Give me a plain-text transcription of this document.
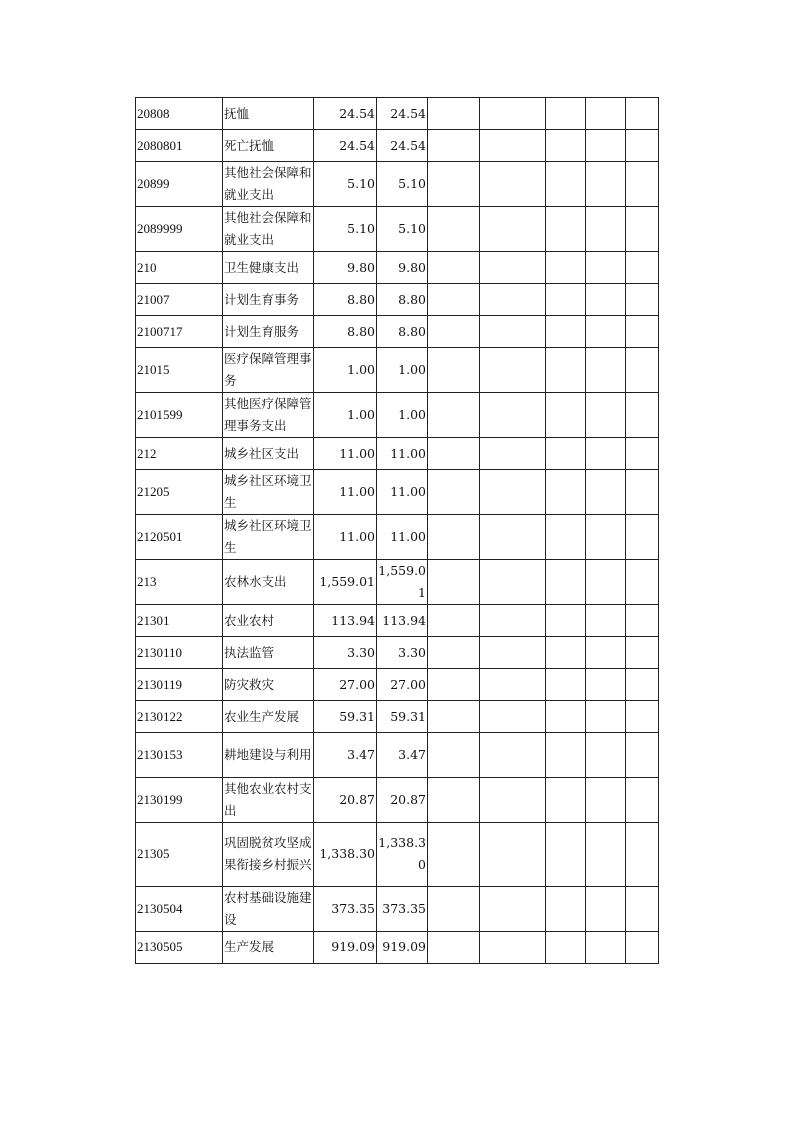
20808	抚恤	24.54	24.54					
2080801	死亡抚恤	24.54	24.54					
20899	其他社会保障和就业支出	5.10	5.10					
2089999	其他社会保障和就业支出	5.10	5.10					
210	卫生健康支出	9.80	9.80					
21007	计划生育事务	8.80	8.80					
2100717	计划生育服务	8.80	8.80					
21015	医疗保障管理事务	1.00	1.00					
2101599	其他医疗保障管理事务支出	1.00	1.00					
212	城乡社区支出	11.00	11.00					
21205	城乡社区环境卫生	11.00	11.00					
2120501	城乡社区环境卫生	11.00	11.00					
213	农林水支出	1,559.01	1,559.01					
21301	农业农村	113.94	113.94					
2130110	执法监管	3.30	3.30					
2130119	防灾救灾	27.00	27.00					
2130122	农业生产发展	59.31	59.31					
2130153	耕地建设与利用	3.47	3.47					
2130199	其他农业农村支出	20.87	20.87					
21305	巩固脱贫攻坚成果衔接乡村振兴	1,338.30	1,338.30					
2130504	农村基础设施建设	373.35	373.35					
2130505	生产发展	919.09	919.09					
